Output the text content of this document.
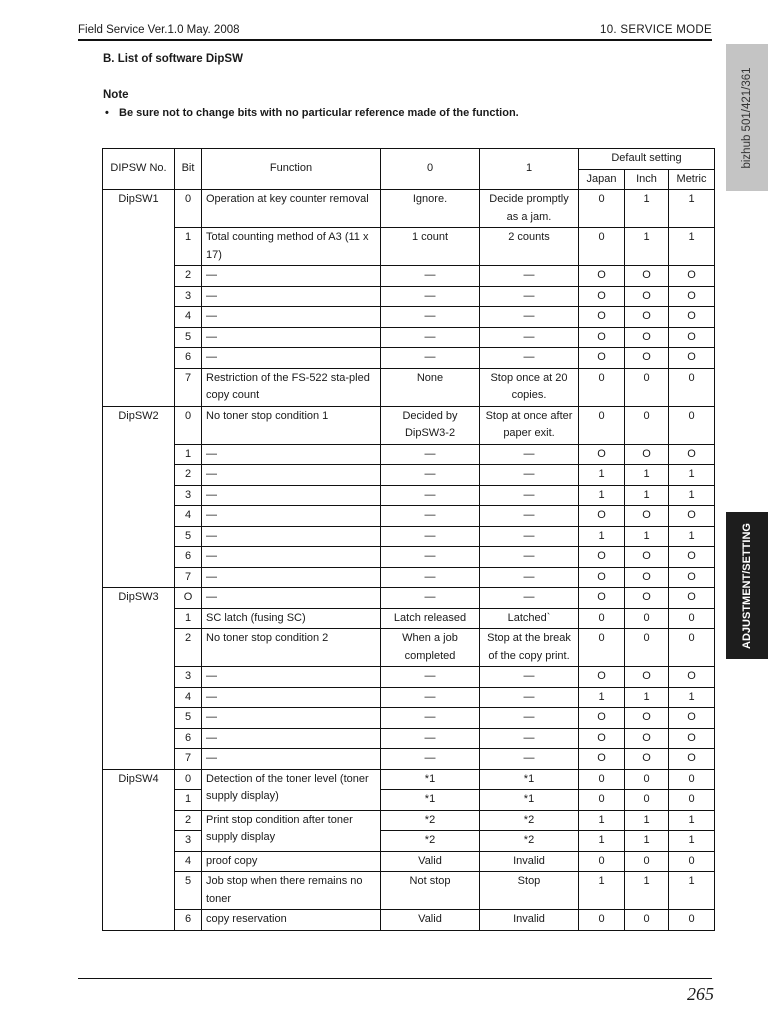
Field Service Ver.1.0 May. 2008	10. SERVICE MODE
B. List of software DipSW
Note
• Be sure not to change bits with no particular reference made of the function.	bizhub 501/421/361
ADJUSTMENT/SETTING
DIPSW No.	Bit	Function	0	1	Default setting		
					Japan	Inch	Metric
DipSW1	0	Operation at key counter removal	Ignore.	Decide promptly as a jam.	0	1	1
	1	Total counting method of A3 (11 x 17)	1 count	2 counts	0	1	1
	2	—	—	—	O	O	O
	3	—	—	—	O	O	O
	4	—	—	—	O	O	O
	5	—	—	—	O	O	O
	6	—	—	—	O	O	O
	7	Restriction of the FS-522 sta-pled copy count	None	Stop once at 20 copies.	0	0	0
DipSW2	0	No toner stop condition 1	Decided by DipSW3-2	Stop at once after paper exit.	0	0	0
	1	—	—	—	O	O	O
	2	—	—	—	1	1	1
	3	—	—	—	1	1	1
	4	—	—	—	O	O	O
	5	—	—	—	1	1	1
	6	—	—	—	O	O	O
	7	—	—	—	O	O	O
DipSW3	O	—	—	—	O	O	O
	1	SC latch (fusing SC)	Latch released	Latched`	0	0	0
	2	No toner stop condition 2	When a job completed	Stop at the break of the copy print.	0	0	0
	3	—	—	—	O	O	O
	4	—	—	—	1	1	1
	5	—	—	—	O	O	O
	6	—	—	—	O	O	O
	7	—	—	—	O	O	O
DipSW4	0	Detection of the toner level (toner supply display)	*1	*1	0	0	0
	1		*1	*1	0	0	0
	2	Print stop condition after toner supply display	*2	*2	1	1	1
	3		*2	*2	1	1	1
	4	proof copy	Valid	Invalid	0	0	0
	5	Job stop when there remains no toner	Not stop	Stop	1	1	1
	6	copy reservation	Valid	Invalid	0	0	0
265
